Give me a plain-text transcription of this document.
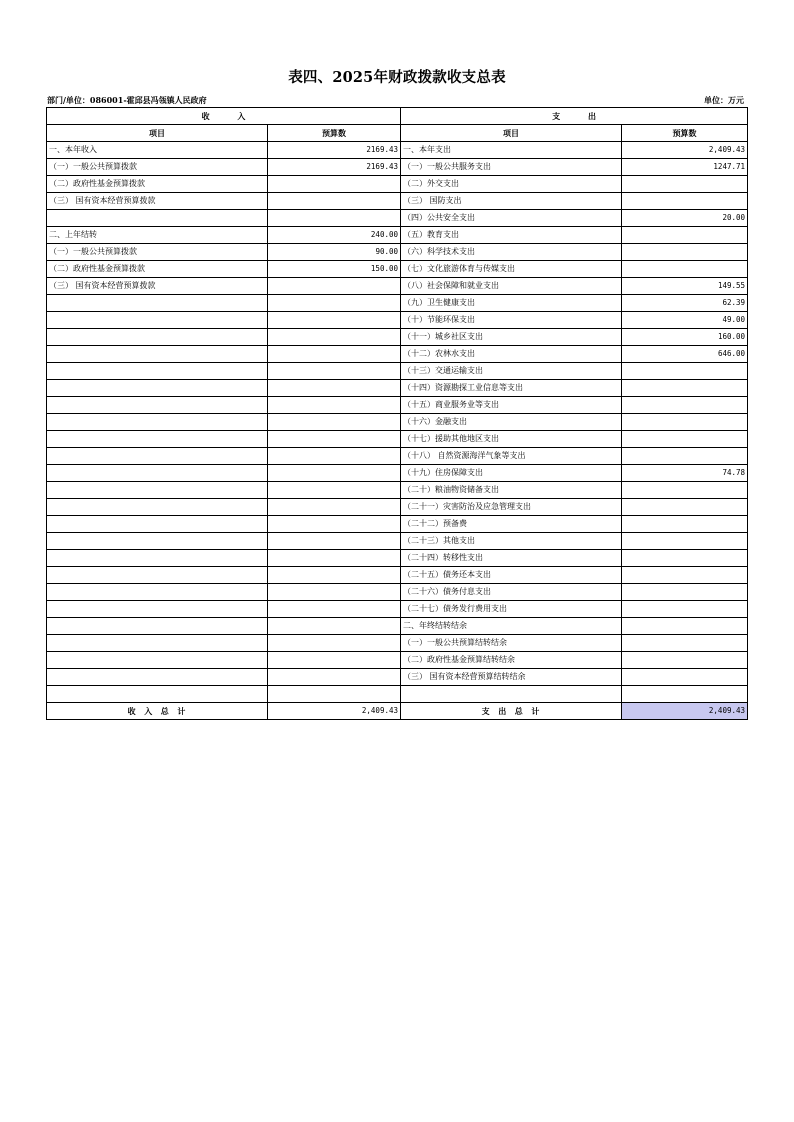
表四、2025年财政拨款收支总表
部门/单位：086001-霍邱县冯瓴镇人民政府	单位：万元
收          入		支          出	
项目	预算数	项目	预算数
一、本年收入	2169.43	一、本年支出	2,409.43
（一）一般公共预算拨款	2169.43	（一）一般公共服务支出	1247.71
（二）政府性基金预算拨款		（二）外交支出	
（三） 国有资本经营预算拨款		（三） 国防支出	
		（四）公共安全支出	20.00
二、上年结转	240.00	（五）教育支出	
（一）一般公共预算拨款	90.00	（六）科学技术支出	
（二）政府性基金预算拨款	150.00	（七）文化旅游体育与传媒支出	
（三） 国有资本经营预算拨款		（八）社会保障和就业支出	149.55
		（九）卫生健康支出	62.39
		（十）节能环保支出	49.00
		（十一）城乡社区支出	160.00
		（十二）农林水支出	646.00
		（十三）交通运输支出	
		（十四）资源勘探工业信息等支出	
		（十五）商业服务业等支出	
		（十六）金融支出	
		（十七）援助其他地区支出	
		（十八） 自然资源海洋气象等支出	
		（十九）住房保障支出	74.78
		（二十）粮油物资储备支出	
		（二十一）灾害防治及应急管理支出	
		（二十二）预备费	
		（二十三）其他支出	
		（二十四）转移性支出	
		（二十五）债务还本支出	
		（二十六）债务付息支出	
		（二十七）债务发行费用支出	
		二、年终结转结余	
		（一）一般公共预算结转结余	
		（二）政府性基金预算结转结余	
		（三） 国有资本经营预算结转结余	

收  入  总  计	2,409.43	支  出  总  计	2,409.43
